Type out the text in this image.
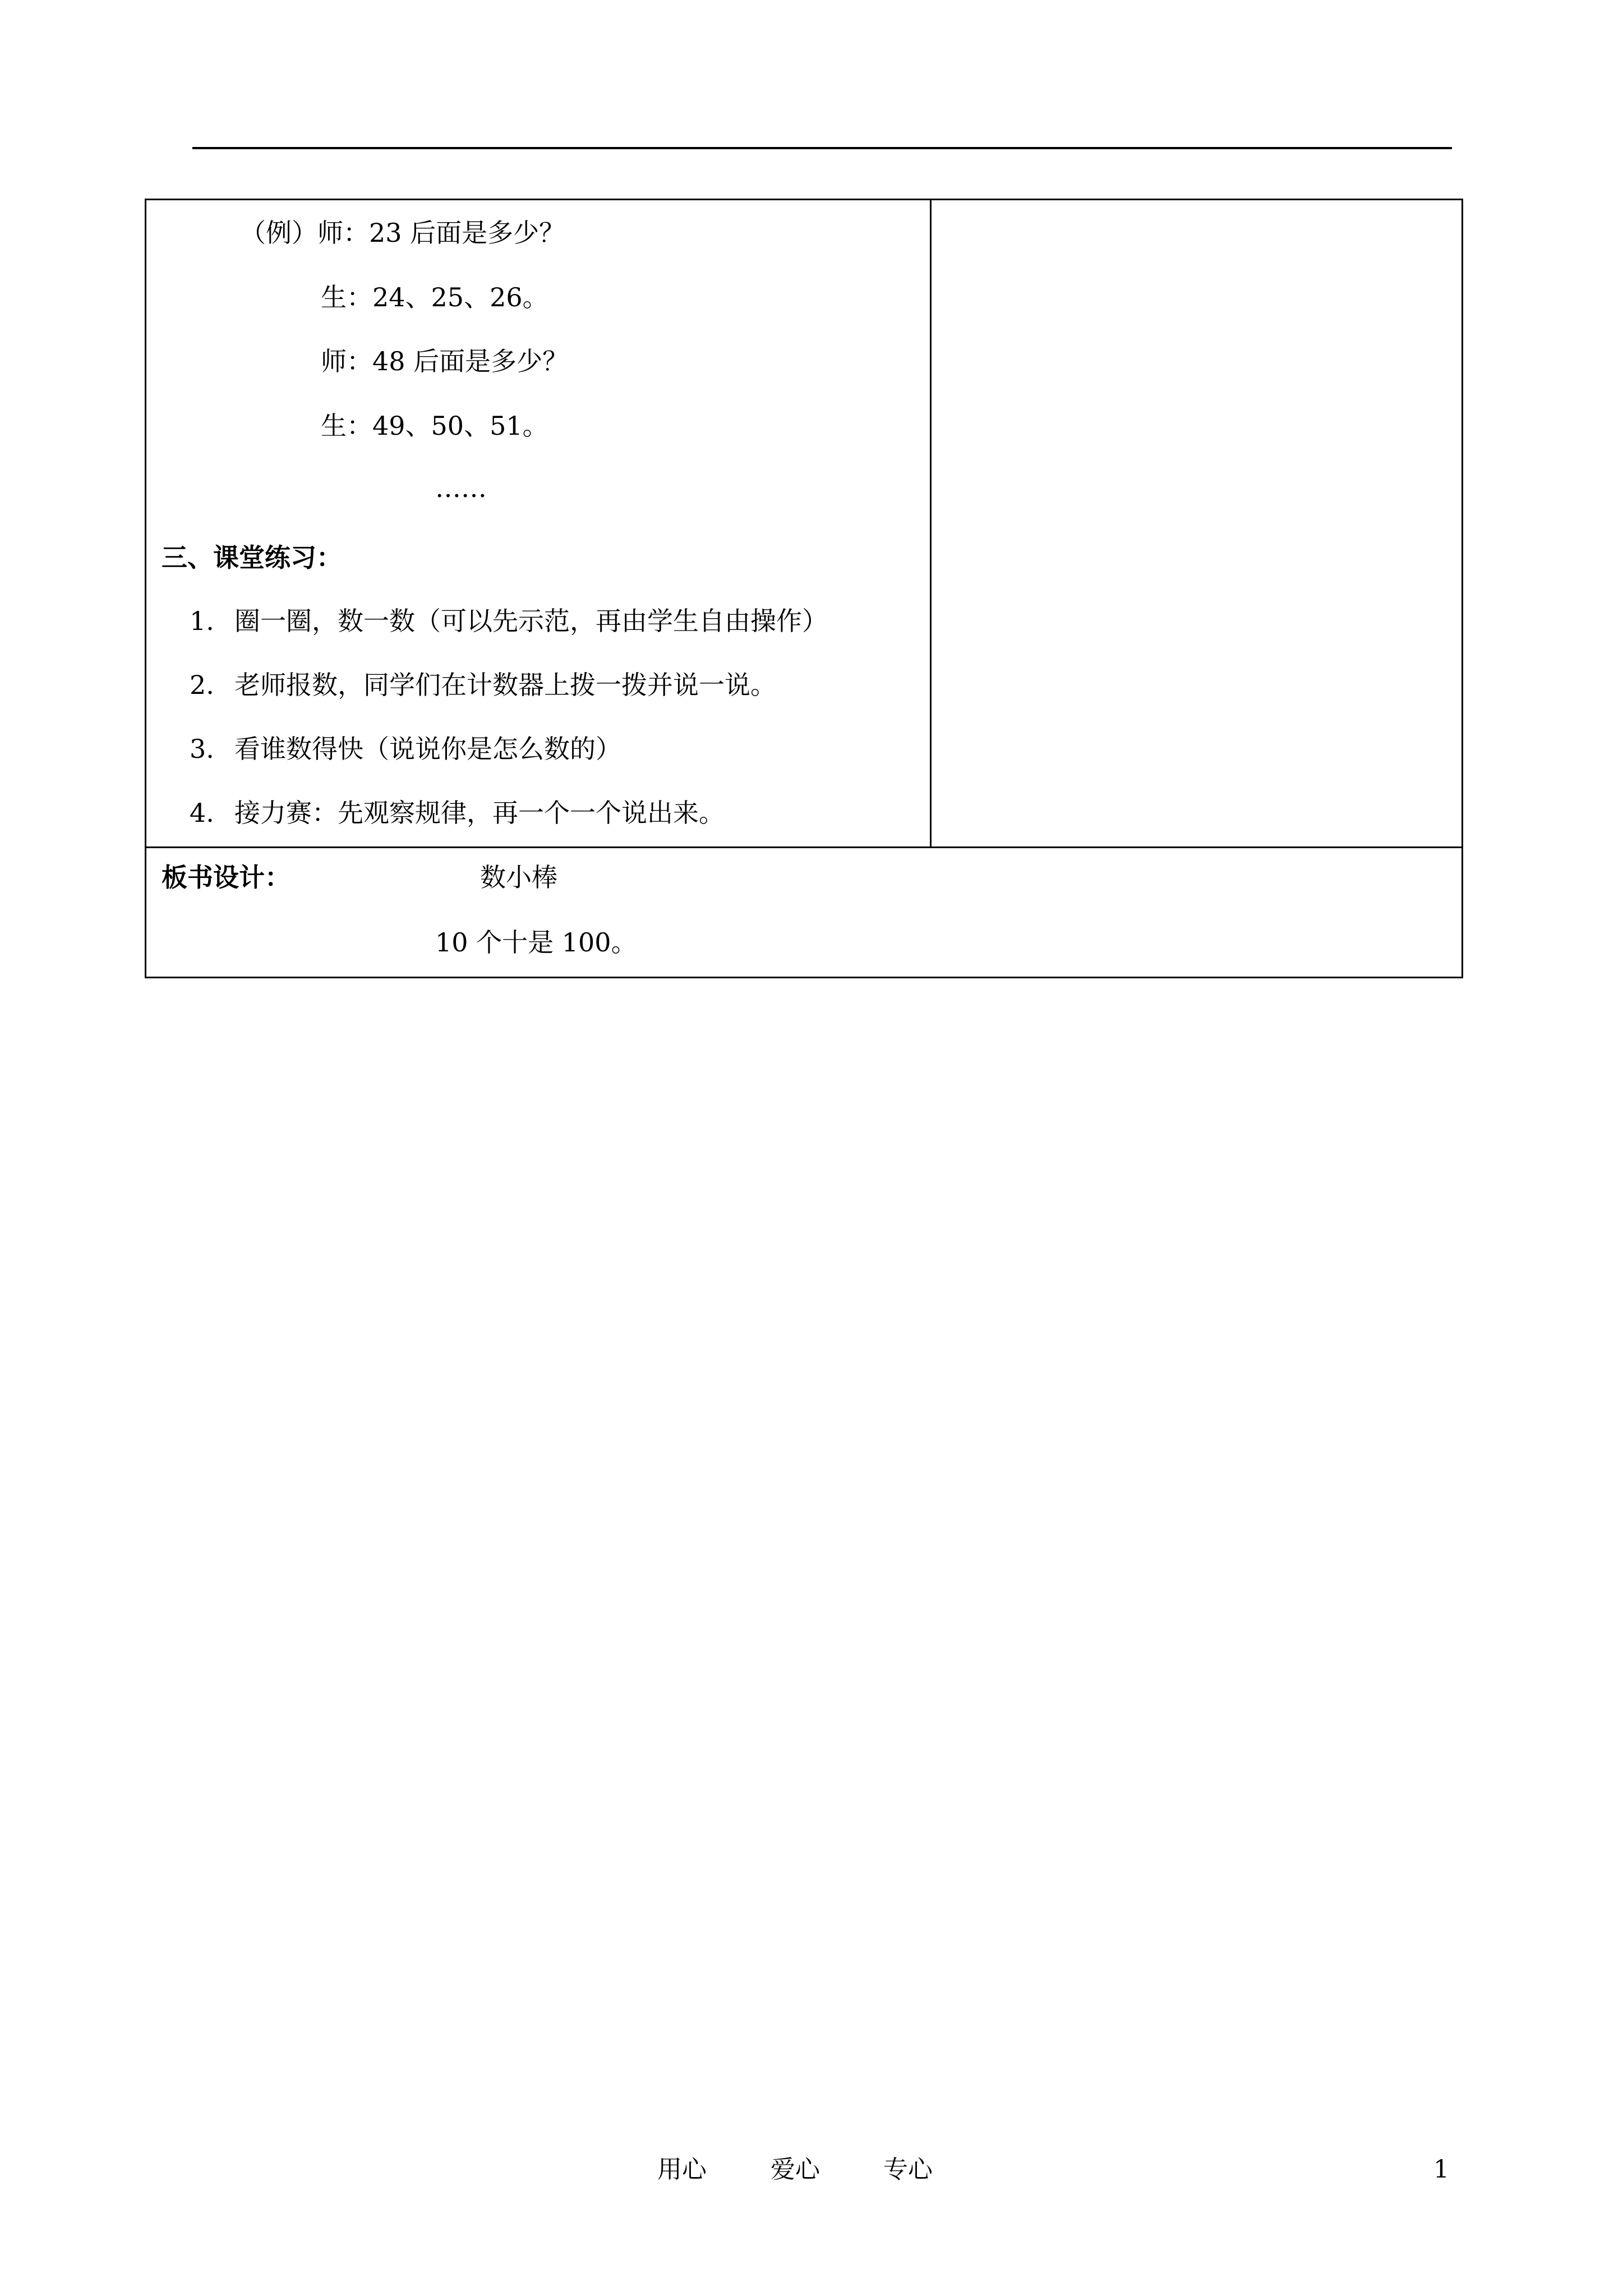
（例）师：23 后面是多少？
生：24、25、26。
师：48 后面是多少？
生：49、50、51。
……
三、课堂练习：
1. 圈一圈，数一数（可以先示范，再由学生自由操作）
2. 老师报数，同学们在计数器上拨一拨并说一说。
3. 看谁数得快（说说你是怎么数的）
4. 接力赛：先观察规律，再一个一个说出来。
板书设计：	数小棒
10 个十是 100。
用心	爱心	专心	1
